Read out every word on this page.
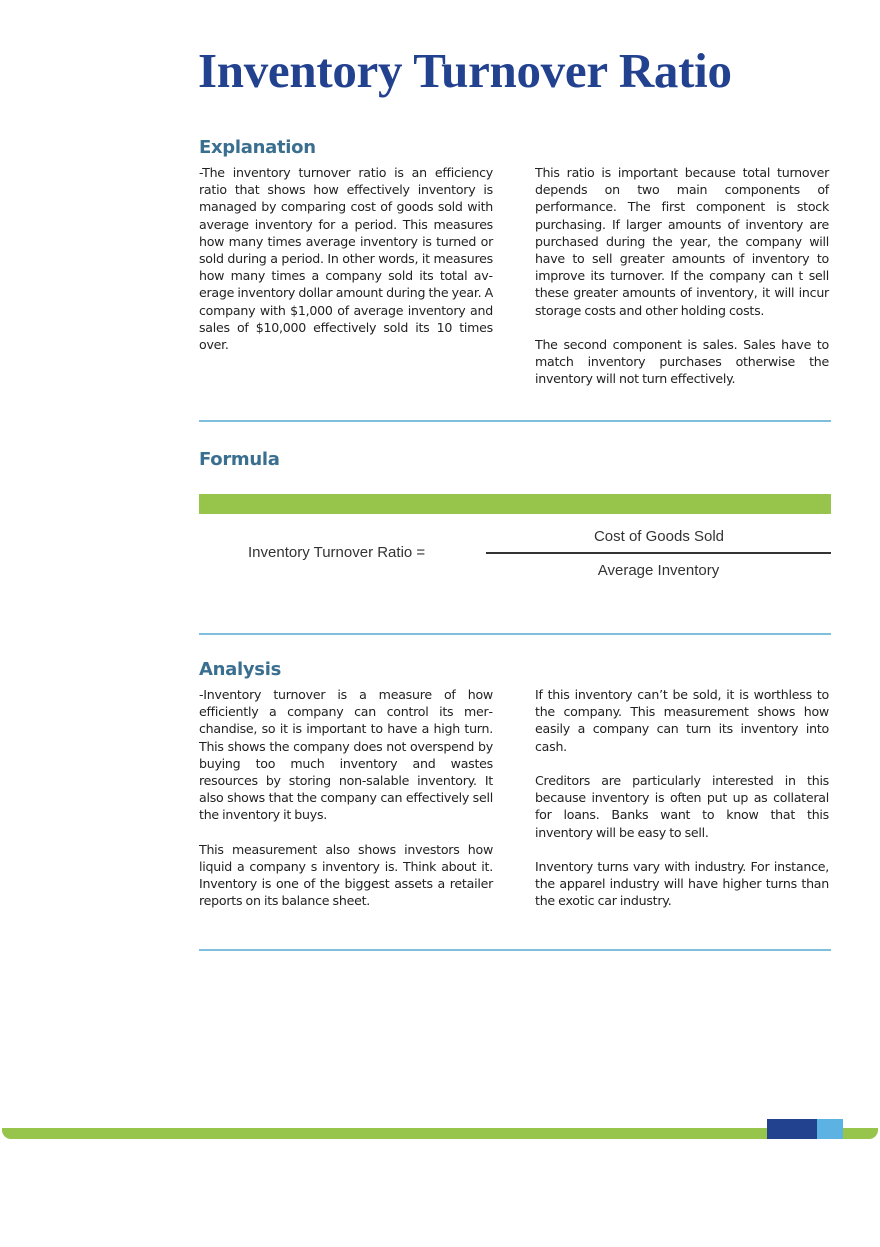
Inventory Turnover Ratio
Explanation

-The inventory turnover ratio is an efficiency ratio that shows how effectively inventory is managed by comparing cost of goods sold with average inventory for a period. This measures how many times average inventory is turned or sold during a period. In other words, it measures how many times a company sold its total average inventory dollar amount during the year. A company with $1,000 of average inventory and sales of $10,000 effectively sold its 10 times over.

This ratio is important because total turnover depends on two main components of performance. The first component is stock purchasing. If larger amounts of inventory are purchased during the year, the company will have to sell greater amounts of inventory to improve its turnover. If the company can t sell these greater amounts of inventory, it will incur storage costs and other holding costs.

The second component is sales. Sales have to match inventory purchases otherwise the inventory will not turn effectively.

Formula
Inventory Turnover Ratio =
Cost of Goods Sold
Average Inventory
Analysis

-Inventory turnover is a measure of how efficiently a company can control its merchandise, so it is important to have a high turn. This shows the company does not overspend by buying too much inventory and wastes resources by storing non-salable inventory. It also shows that the company can effectively sell the inventory it buys.

This measurement also shows investors how liquid a company s inventory is. Think about it. Inventory is one of the biggest assets a retailer reports on its balance sheet.

If this inventory can’t be sold, it is worthless to the company. This measurement shows how easily a company can turn its inventory into cash.

Creditors are particularly interested in this because inventory is often put up as collateral for loans. Banks want to know that this inventory will be easy to sell.

Inventory turns vary with industry. For instance, the apparel industry will have higher turns than the exotic car industry.
